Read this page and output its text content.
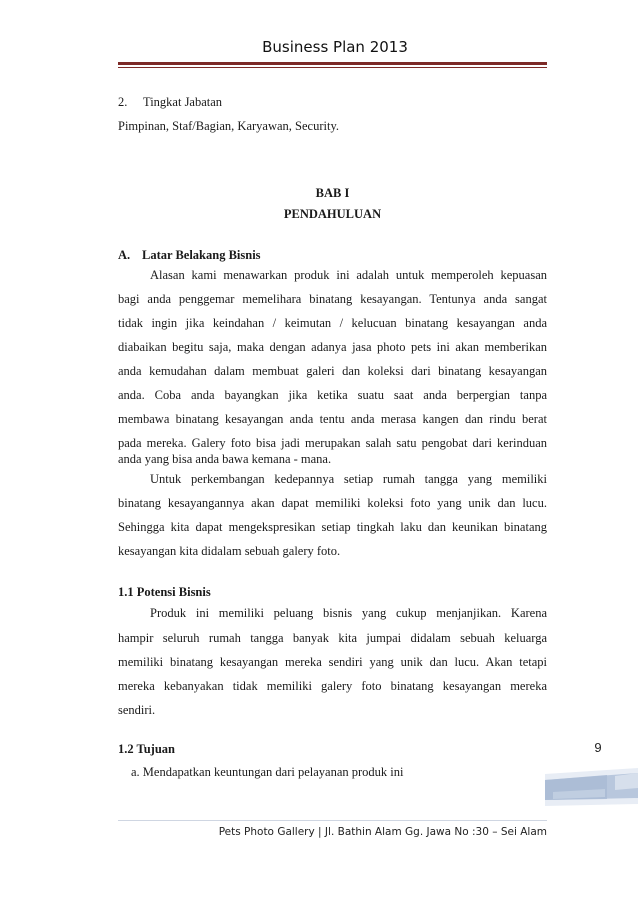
Business Plan 2013
2. Tingkat Jabatan
Pimpinan, Staf/Bagian, Karyawan, Security.
BAB I
PENDAHULUAN
A. Latar Belakang Bisnis
Alasan kami menawarkan produk ini adalah untuk memperoleh kepuasan
bagi anda penggemar memelihara binatang kesayangan. Tentunya anda sangat
tidak ingin jika keindahan / keimutan / kelucuan binatang kesayangan anda
diabaikan begitu saja, maka dengan adanya jasa photo pets ini akan memberikan
anda kemudahan dalam membuat galeri dan koleksi dari binatang kesayangan
anda. Coba anda bayangkan jika ketika suatu saat anda berpergian tanpa
membawa binatang kesayangan anda tentu anda merasa kangen dan rindu berat
pada mereka. Galery foto bisa jadi merupakan salah satu pengobat dari kerinduan
anda yang bisa anda bawa kemana - mana.
Untuk perkembangan kedepannya setiap rumah tangga yang memiliki
binatang kesayangannya akan dapat memiliki koleksi foto yang unik dan lucu.
Sehingga kita dapat mengekspresikan setiap tingkah laku dan keunikan binatang
kesayangan kita didalam sebuah galery foto.
1.1 Potensi Bisnis
Produk ini memiliki peluang bisnis yang cukup menjanjikan. Karena
hampir seluruh rumah tangga banyak kita jumpai didalam sebuah keluarga
memiliki binatang kesayangan mereka sendiri yang unik dan lucu. Akan tetapi
mereka kebanyakan tidak memiliki galery foto binatang kesayangan mereka
sendiri.
1.2 Tujuan
a. Mendapatkan keuntungan dari pelayanan produk ini
9
Pets Photo Gallery | Jl. Bathin Alam Gg. Jawa No :30 – Sei Alam
